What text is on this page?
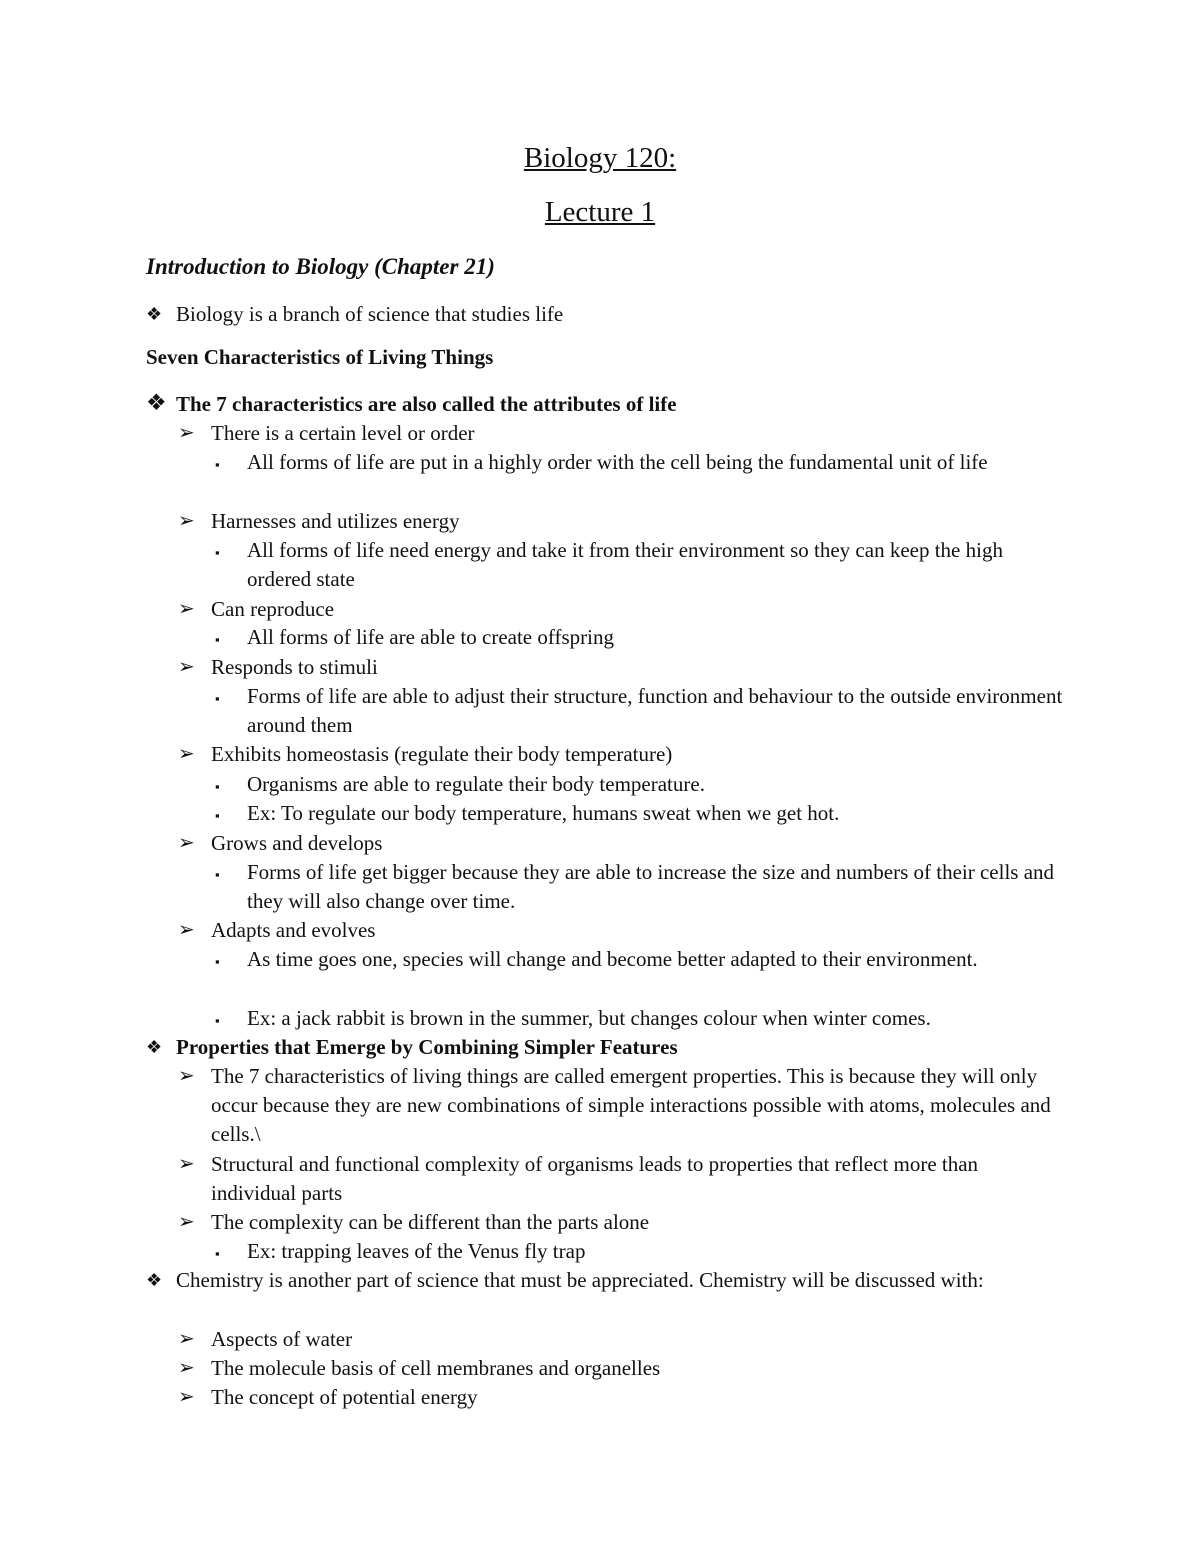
Biology 120:
Lecture 1
Introduction to Biology (Chapter 21)
❖ Biology is a branch of science that studies life
Seven Characteristics of Living Things
❖ The 7 characteristics are also called the attributes of life
➢ There is a certain level or order
▪	All forms of life are put in a highly order with the cell being the fundamental unit of life
➢ Harnesses and utilizes energy
▪	All forms of life need energy and take it from their environment so they can keep the high ordered state
➢ Can reproduce
▪	All forms of life are able to create offspring
➢ Responds to stimuli
▪	Forms of life are able to adjust their structure, function and behaviour to the outside environment around them
➢ Exhibits homeostasis (regulate their body temperature)
▪	Organisms are able to regulate their body temperature.
▪	Ex: To regulate our body temperature, humans sweat when we get hot.
➢ Grows and develops
▪	Forms of life get bigger because they are able to increase the size and numbers of their cells and they will also change over time.
➢ Adapts and evolves
▪	As time goes one, species will change and become better adapted to their environment.
▪	Ex: a jack rabbit is brown in the summer, but changes colour when winter comes.
❖ Properties that Emerge by Combining Simpler Features
➢ The 7 characteristics of living things are called emergent properties. This is because they will only occur because they are new combinations of simple interactions possible with atoms, molecules and cells.\
➢ Structural and functional complexity of organisms leads to properties that reflect more than individual parts
➢ The complexity can be different than the parts alone
▪	Ex: trapping leaves of the Venus fly trap
❖ Chemistry is another part of science that must be appreciated. Chemistry will be discussed with:
➢ Aspects of water
➢ The molecule basis of cell membranes and organelles
➢ The concept of potential energy
